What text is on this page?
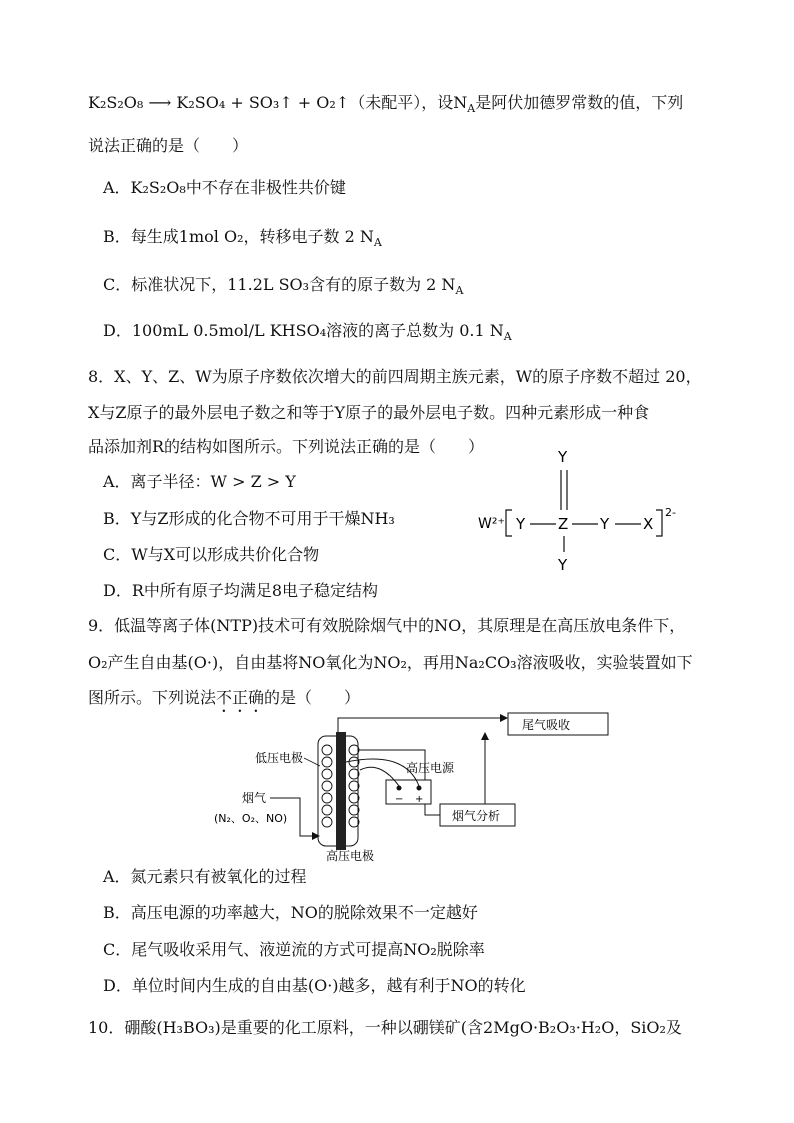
K₂S₂O₈ ⟶ K₂SO₄ + SO₃↑ + O₂↑（未配平），设$N_A$是阿伏加德罗常数的值，下列
说法正确的是（　　）
A．K₂S₂O₈中不存在非极性共价键
B．每生成1mol O₂，转移电子数 2 $N_A$
C．标准状况下，11.2L SO₃含有的原子数为 2 $N_A$
D．100mL 0.5mol/L KHSO₄溶液的离子总数为 0.1 $N_A$
8．X、Y、Z、W为原子序数依次增大的前四周期主族元素，W的原子序数不超过 20，
X与Z原子的最外层电子数之和等于Y原子的最外层电子数。四种元素形成一种食
品添加剂R的结构如图所示。下列说法正确的是（　　）
A．离子半径：W > Z > Y
B．Y与Z形成的化合物不可用于干燥NH₃
C．W与X可以形成共价化合物
D．R中所有原子均满足8电子稳定结构
W²⁺
Y
Y Z Y X
2-
Y
9．低温等离子体(NTP)技术可有效脱除烟气中的NO，其原理是在高压放电条件下，
O₂产生自由基(O·)，自由基将NO氧化为NO₂，再用Na₂CO₃溶液吸收，实验装置如下
图所示。下列说法不正确的是（　　）
尾气吸收
烟气分析
− +
高压电源
低压电极
烟气
(N₂、O₂、NO)
高压电极
A．氮元素只有被氧化的过程
B．高压电源的功率越大，NO的脱除效果不一定越好
C．尾气吸收采用气、液逆流的方式可提高NO₂脱除率
D．单位时间内生成的自由基(O·)越多，越有利于NO的转化
10．硼酸(H₃BO₃)是重要的化工原料，一种以硼镁矿(含2MgO·B₂O₃·H₂O，SiO₂及
